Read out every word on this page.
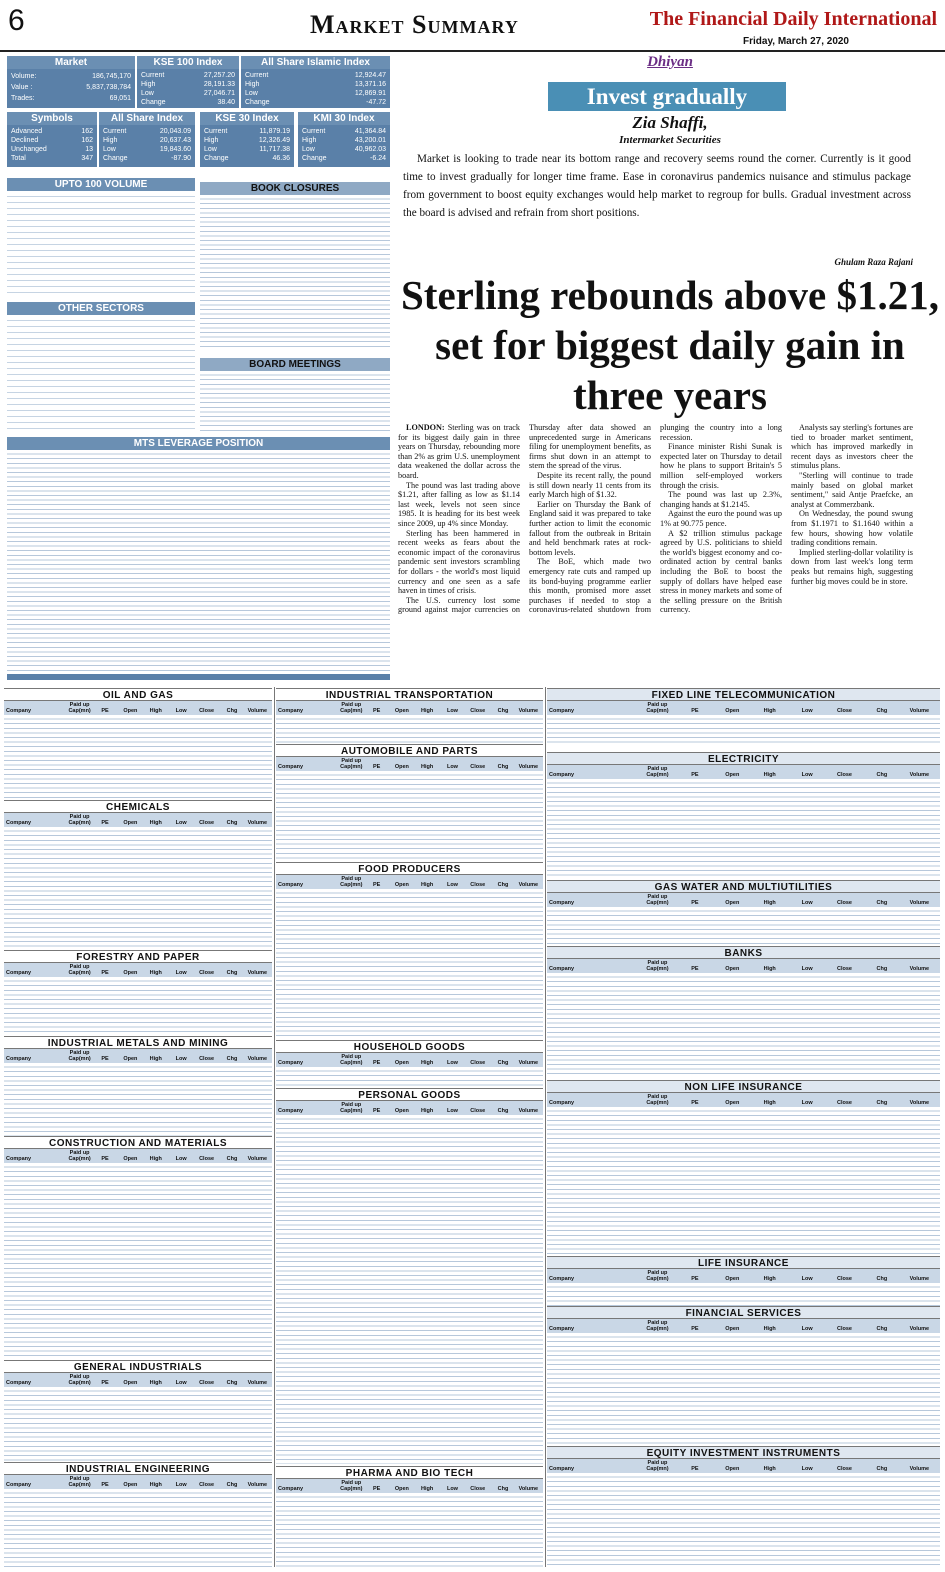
6	Market Summary	The Financial Daily International
Friday, March 27, 2020
Market
Volume:	186,745,170
Value :	5,837,738,784
Trades:	69,051
KSE 100 Index
Current	27,257.20
High	28,191.33
Low	27,046.71
Change	38.40
All Share Islamic Index
Current	12,924.47
High	13,371.16
Low	12,869.91
Change	-47.72
Symbols
Advanced	162
Declined	162
Unchanged	13
Total	347
All Share Index
Current	20,043.09
High	20,637.43
Low	19,843.60
Change	-87.90
KSE 30 Index
Current	11,879.19
High	12,326.49
Low	11,717.38
Change	46.36
KMI 30 Index
Current	41,364.84
High	43,200.01
Low	40,962.03
Change	-6.24
UPTO 100 VOLUME
OTHER SECTORS
BOOK CLOSURES
BOARD MEETINGS
MTS LEVERAGE POSITION
Dhiyan
Invest gradually
Zia Shaffi,
Intermarket Securities
Market is looking to trade near its bottom range and recovery seems round the corner. Currently is it good time to invest gradually for longer time frame. Ease in coronavirus pandemics nuisance and stimulus package from government to boost equity exchanges would help market to regroup for bulls. Gradual investment across the board is advised and refrain from short positions.
Ghulam Raza Rajani
Sterling rebounds above $1.21, set for biggest daily gain in three years

LONDON: Sterling was on track for its biggest daily gain in three years on Thursday, rebounding more than 2% as grim U.S. unemployment data weakened the dollar across the board.

The pound was last trading above $1.21, after falling as low as $1.14 last week, levels not seen since 1985. It is heading for its best week since 2009, up 4% since Monday.

Sterling has been hammered in recent weeks as fears about the economic impact of the coronavirus pandemic sent investors scrambling for dollars - the world's most liquid currency and one seen as a safe haven in times of crisis.

The U.S. currency lost some ground against major currencies on Thursday after data showed an unprecedented surge in Americans filing for unemployment benefits, as firms shut down in an attempt to stem the spread of the virus.

Despite its recent rally, the pound is still down nearly 11 cents from its early March high of $1.32.

Earlier on Thursday the Bank of England said it was prepared to take further action to limit the economic fallout from the outbreak in Britain and held benchmark rates at rock-bottom levels.

The BoE, which made two emergency rate cuts and ramped up its bond-buying programme earlier this month, promised more asset purchases if needed to stop a coronavirus-related shutdown from plunging the country into a long recession.

Finance minister Rishi Sunak is expected later on Thursday to detail how he plans to support Britain's 5 million self-employed workers through the crisis.

The pound was last up 2.3%, changing hands at $1.2145.

Against the euro the pound was up 1% at 90.775 pence.

A $2 trillion stimulus package agreed by U.S. politicians to shield the world's biggest economy and co-ordinated action by central banks including the BoE to boost the supply of dollars have helped ease stress in money markets and some of the selling pressure on the British currency.

Analysts say sterling's fortunes are tied to broader market sentiment, which has improved markedly in recent days as investors cheer the stimulus plans.

"Sterling will continue to trade mainly based on global market sentiment," said Antje Praefcke, an analyst at Commerzbank.

On Wednesday, the pound swung from $1.1971 to $1.1640 within a few hours, showing how volatile trading conditions remain.

Implied sterling-dollar volatility is down from last week's long term peaks but remains high, suggesting further big moves could be in store.

OIL AND GAS
Company
Paid up Cap(mn)	PE	Open	High	Low	Close	Chg	Volume
CHEMICALS
Company
Paid up Cap(mn)	PE	Open	High	Low	Close	Chg	Volume
FORESTRY AND PAPER
Company
Paid up Cap(mn)	PE	Open	High	Low	Close	Chg	Volume
INDUSTRIAL METALS AND MINING
Company
Paid up Cap(mn)	PE	Open	High	Low	Close	Chg	Volume
CONSTRUCTION AND MATERIALS
Company
Paid up Cap(mn)	PE	Open	High	Low	Close	Chg	Volume
GENERAL INDUSTRIALS
Company
Paid up Cap(mn)	PE	Open	High	Low	Close	Chg	Volume
INDUSTRIAL ENGINEERING
Company
Paid up Cap(mn)	PE	Open	High	Low	Close	Chg	Volume
INDUSTRIAL TRANSPORTATION
Company
Paid up Cap(mn)	PE	Open	High	Low	Close	Chg	Volume
AUTOMOBILE AND PARTS
Company
Paid up Cap(mn)	PE	Open	High	Low	Close	Chg	Volume
FOOD PRODUCERS
Company
Paid up Cap(mn)	PE	Open	High	Low	Close	Chg	Volume
HOUSEHOLD GOODS
Company
Paid up Cap(mn)	PE	Open	High	Low	Close	Chg	Volume
PERSONAL GOODS
Company
Paid up Cap(mn)	PE	Open	High	Low	Close	Chg	Volume
PHARMA AND BIO TECH
Company
Paid up Cap(mn)	PE	Open	High	Low	Close	Chg	Volume
FIXED LINE TELECOMMUNICATION
Company
Paid up Cap(mn)	PE	Open	High	Low	Close	Chg	Volume
ELECTRICITY
Company
Paid up Cap(mn)	PE	Open	High	Low	Close	Chg	Volume
GAS WATER AND MULTIUTILITIES
Company
Paid up Cap(mn)	PE	Open	High	Low	Close	Chg	Volume
BANKS
Company
Paid up Cap(mn)	PE	Open	High	Low	Close	Chg	Volume
NON LIFE INSURANCE
Company
Paid up Cap(mn)	PE	Open	High	Low	Close	Chg	Volume
LIFE INSURANCE
Company
Paid up Cap(mn)	PE	Open	High	Low	Close	Chg	Volume
FINANCIAL SERVICES
Company
Paid up Cap(mn)	PE	Open	High	Low	Close	Chg	Volume
EQUITY INVESTMENT INSTRUMENTS
Company
Paid up Cap(mn)	PE	Open	High	Low	Close	Chg	Volume
